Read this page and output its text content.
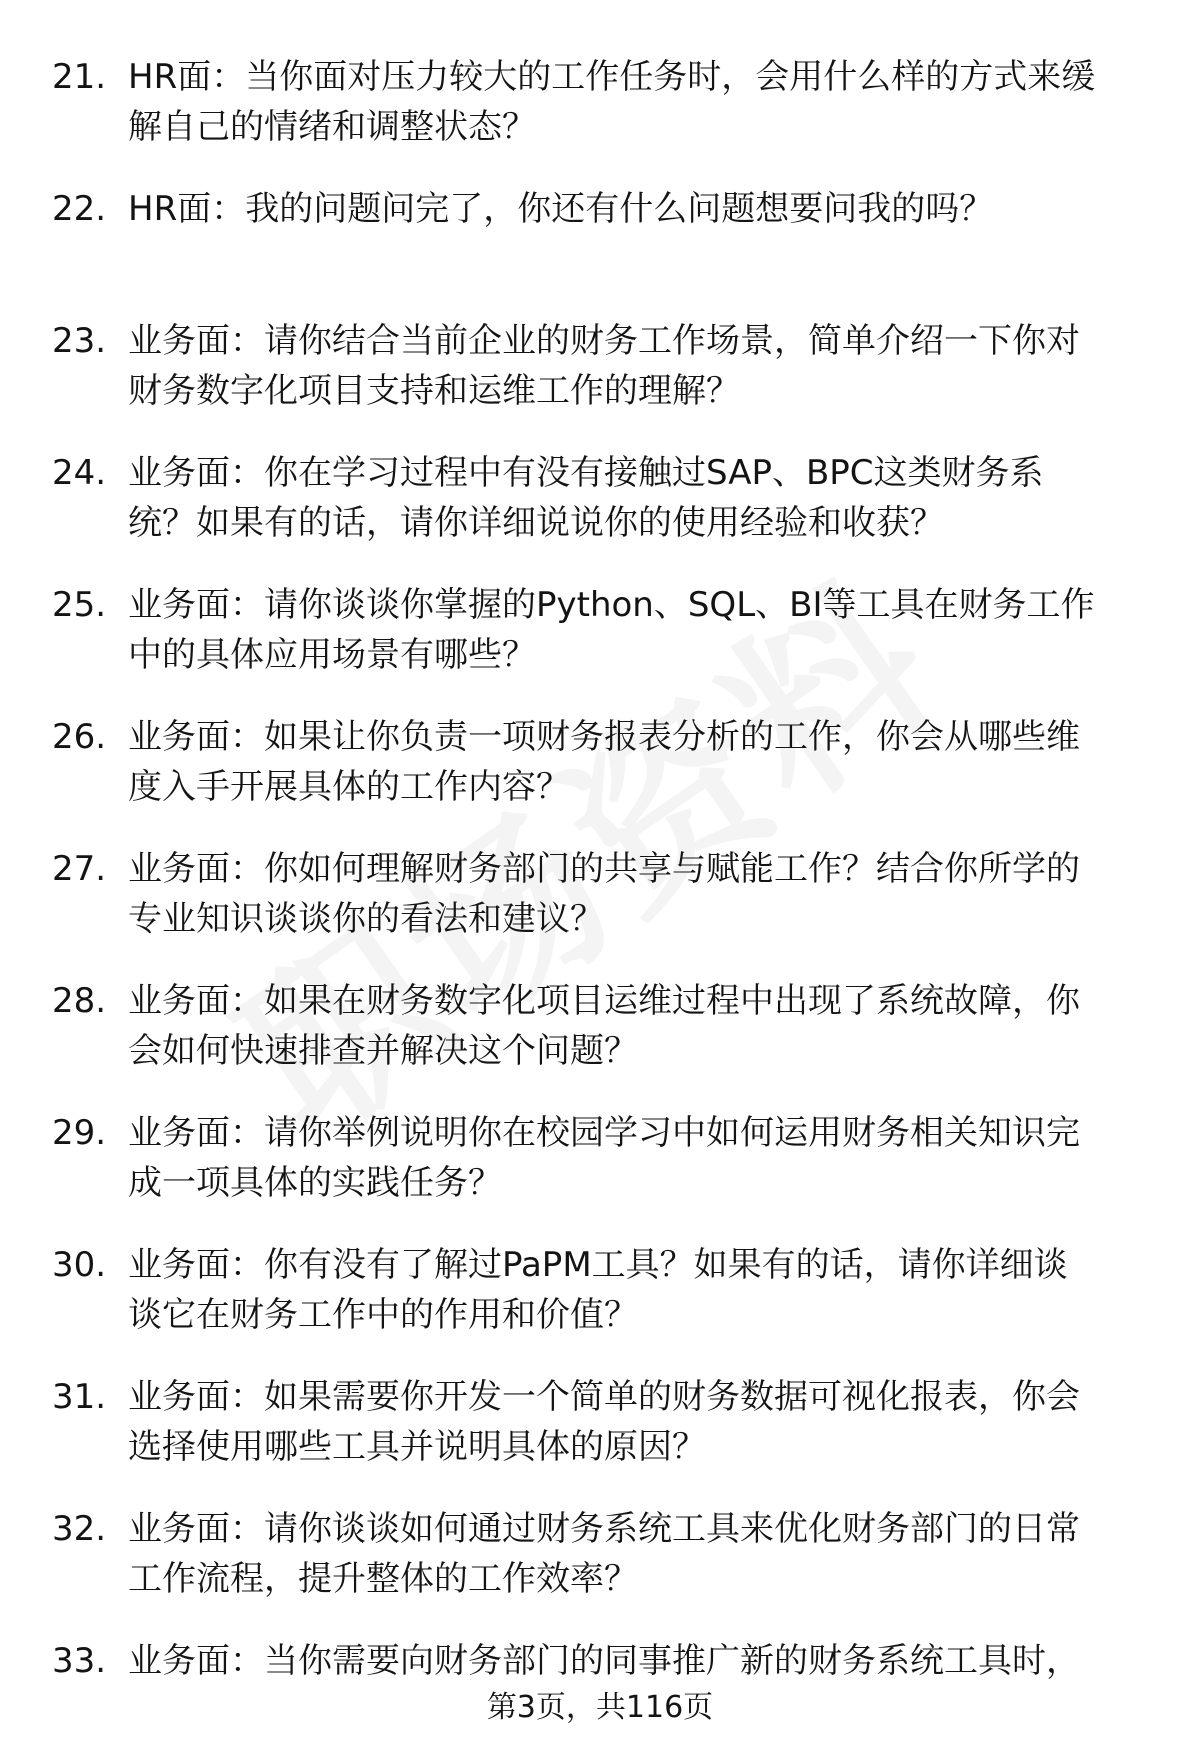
21. HR面：当你面对压力较大的工作任务时，会用什么样的方式来缓
解自己的情绪和调整状态？
22. HR面：我的问题问完了，你还有什么问题想要问我的吗？
23. 业务面：请你结合当前企业的财务工作场景，简单介绍一下你对
财务数字化项目支持和运维工作的理解？
24. 业务面：你在学习过程中有没有接触过SAP、BPC这类财务系
统？如果有的话，请你详细说说你的使用经验和收获？
25. 业务面：请你谈谈你掌握的Python、SQL、BI等工具在财务工作
中的具体应用场景有哪些？
26. 业务面：如果让你负责一项财务报表分析的工作，你会从哪些维
度入手开展具体的工作内容？
27. 业务面：你如何理解财务部门的共享与赋能工作？结合你所学的
专业知识谈谈你的看法和建议？
28. 业务面：如果在财务数字化项目运维过程中出现了系统故障，你
会如何快速排查并解决这个问题？
29. 业务面：请你举例说明你在校园学习中如何运用财务相关知识完
成一项具体的实践任务？
30. 业务面：你有没有了解过PaPM工具？如果有的话，请你详细谈
谈它在财务工作中的作用和价值？
31. 业务面：如果需要你开发一个简单的财务数据可视化报表，你会
选择使用哪些工具并说明具体的原因？
32. 业务面：请你谈谈如何通过财务系统工具来优化财务部门的日常
工作流程，提升整体的工作效率？
33. 业务面：当你需要向财务部门的同事推广新的财务系统工具时，
第3页，共116页
